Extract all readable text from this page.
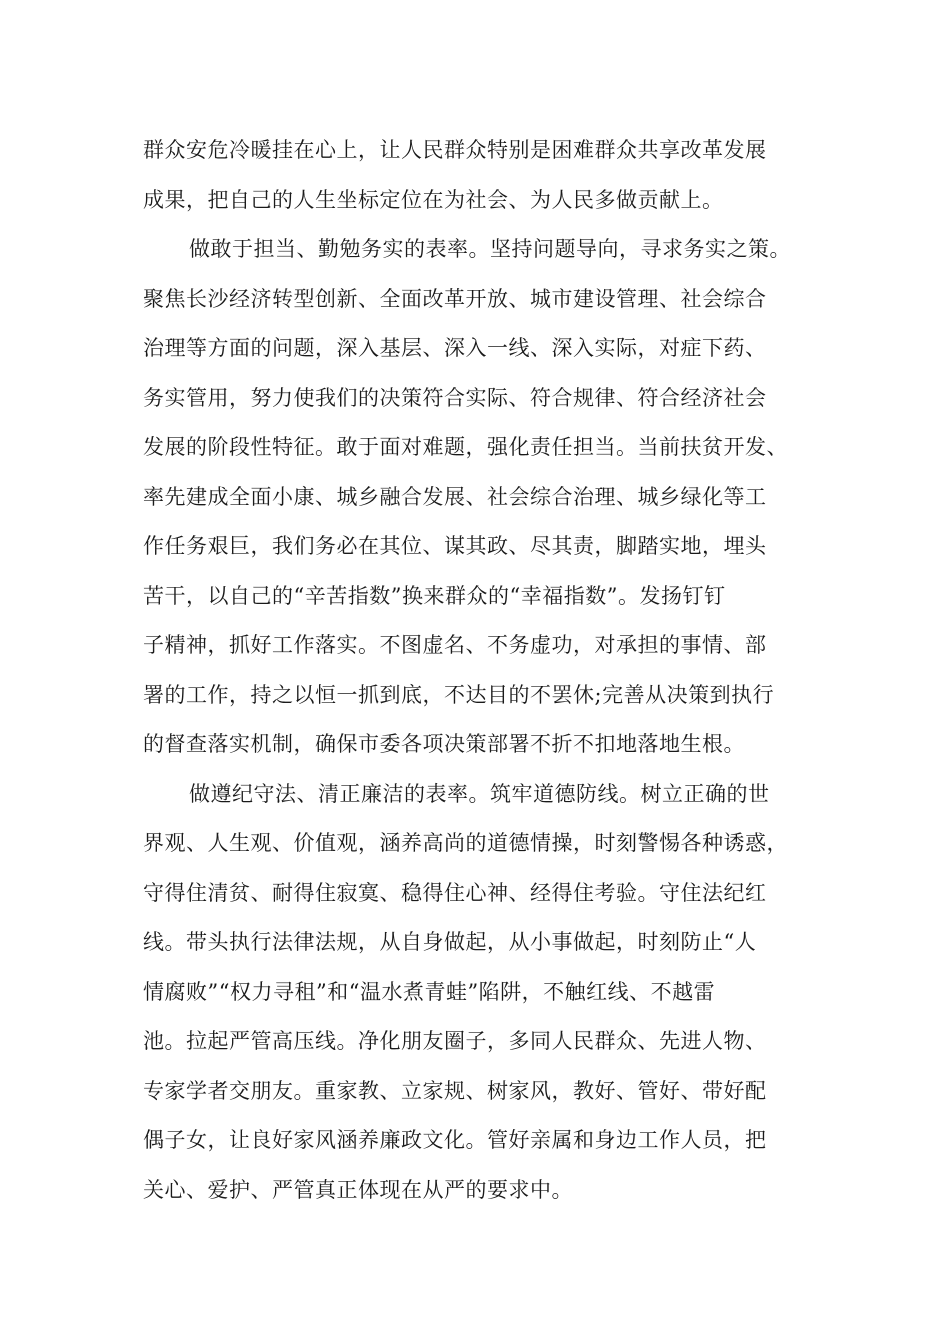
群众安危冷暖挂在心上，让人民群众特别是困难群众共享改革发展
成果，把自己的人生坐标定位在为社会、为人民多做贡献上。
做敢于担当、勤勉务实的表率。坚持问题导向，寻求务实之策。
聚焦长沙经济转型创新、全面改革开放、城市建设管理、社会综合
治理等方面的问题，深入基层、深入一线、深入实际，对症下药、
务实管用，努力使我们的决策符合实际、符合规律、符合经济社会
发展的阶段性特征。敢于面对难题，强化责任担当。当前扶贫开发、
率先建成全面小康、城乡融合发展、社会综合治理、城乡绿化等工
作任务艰巨，我们务必在其位、谋其政、尽其责，脚踏实地，埋头
苦干，以自己的“辛苦指数”换来群众的“幸福指数”。发扬钉钉
子精神，抓好工作落实。不图虚名、不务虚功，对承担的事情、部
署的工作，持之以恒一抓到底，不达目的不罢休;完善从决策到执行
的督查落实机制，确保市委各项决策部署不折不扣地落地生根。
做遵纪守法、清正廉洁的表率。筑牢道德防线。树立正确的世
界观、人生观、价值观，涵养高尚的道德情操，时刻警惕各种诱惑，
守得住清贫、耐得住寂寞、稳得住心神、经得住考验。守住法纪红
线。带头执行法律法规，从自身做起，从小事做起，时刻防止“人
情腐败”“权力寻租”和“温水煮青蛙”陷阱，不触红线、不越雷
池。拉起严管高压线。净化朋友圈子，多同人民群众、先进人物、
专家学者交朋友。重家教、立家规、树家风，教好、管好、带好配
偶子女，让良好家风涵养廉政文化。管好亲属和身边工作人员，把
关心、爱护、严管真正体现在从严的要求中。
